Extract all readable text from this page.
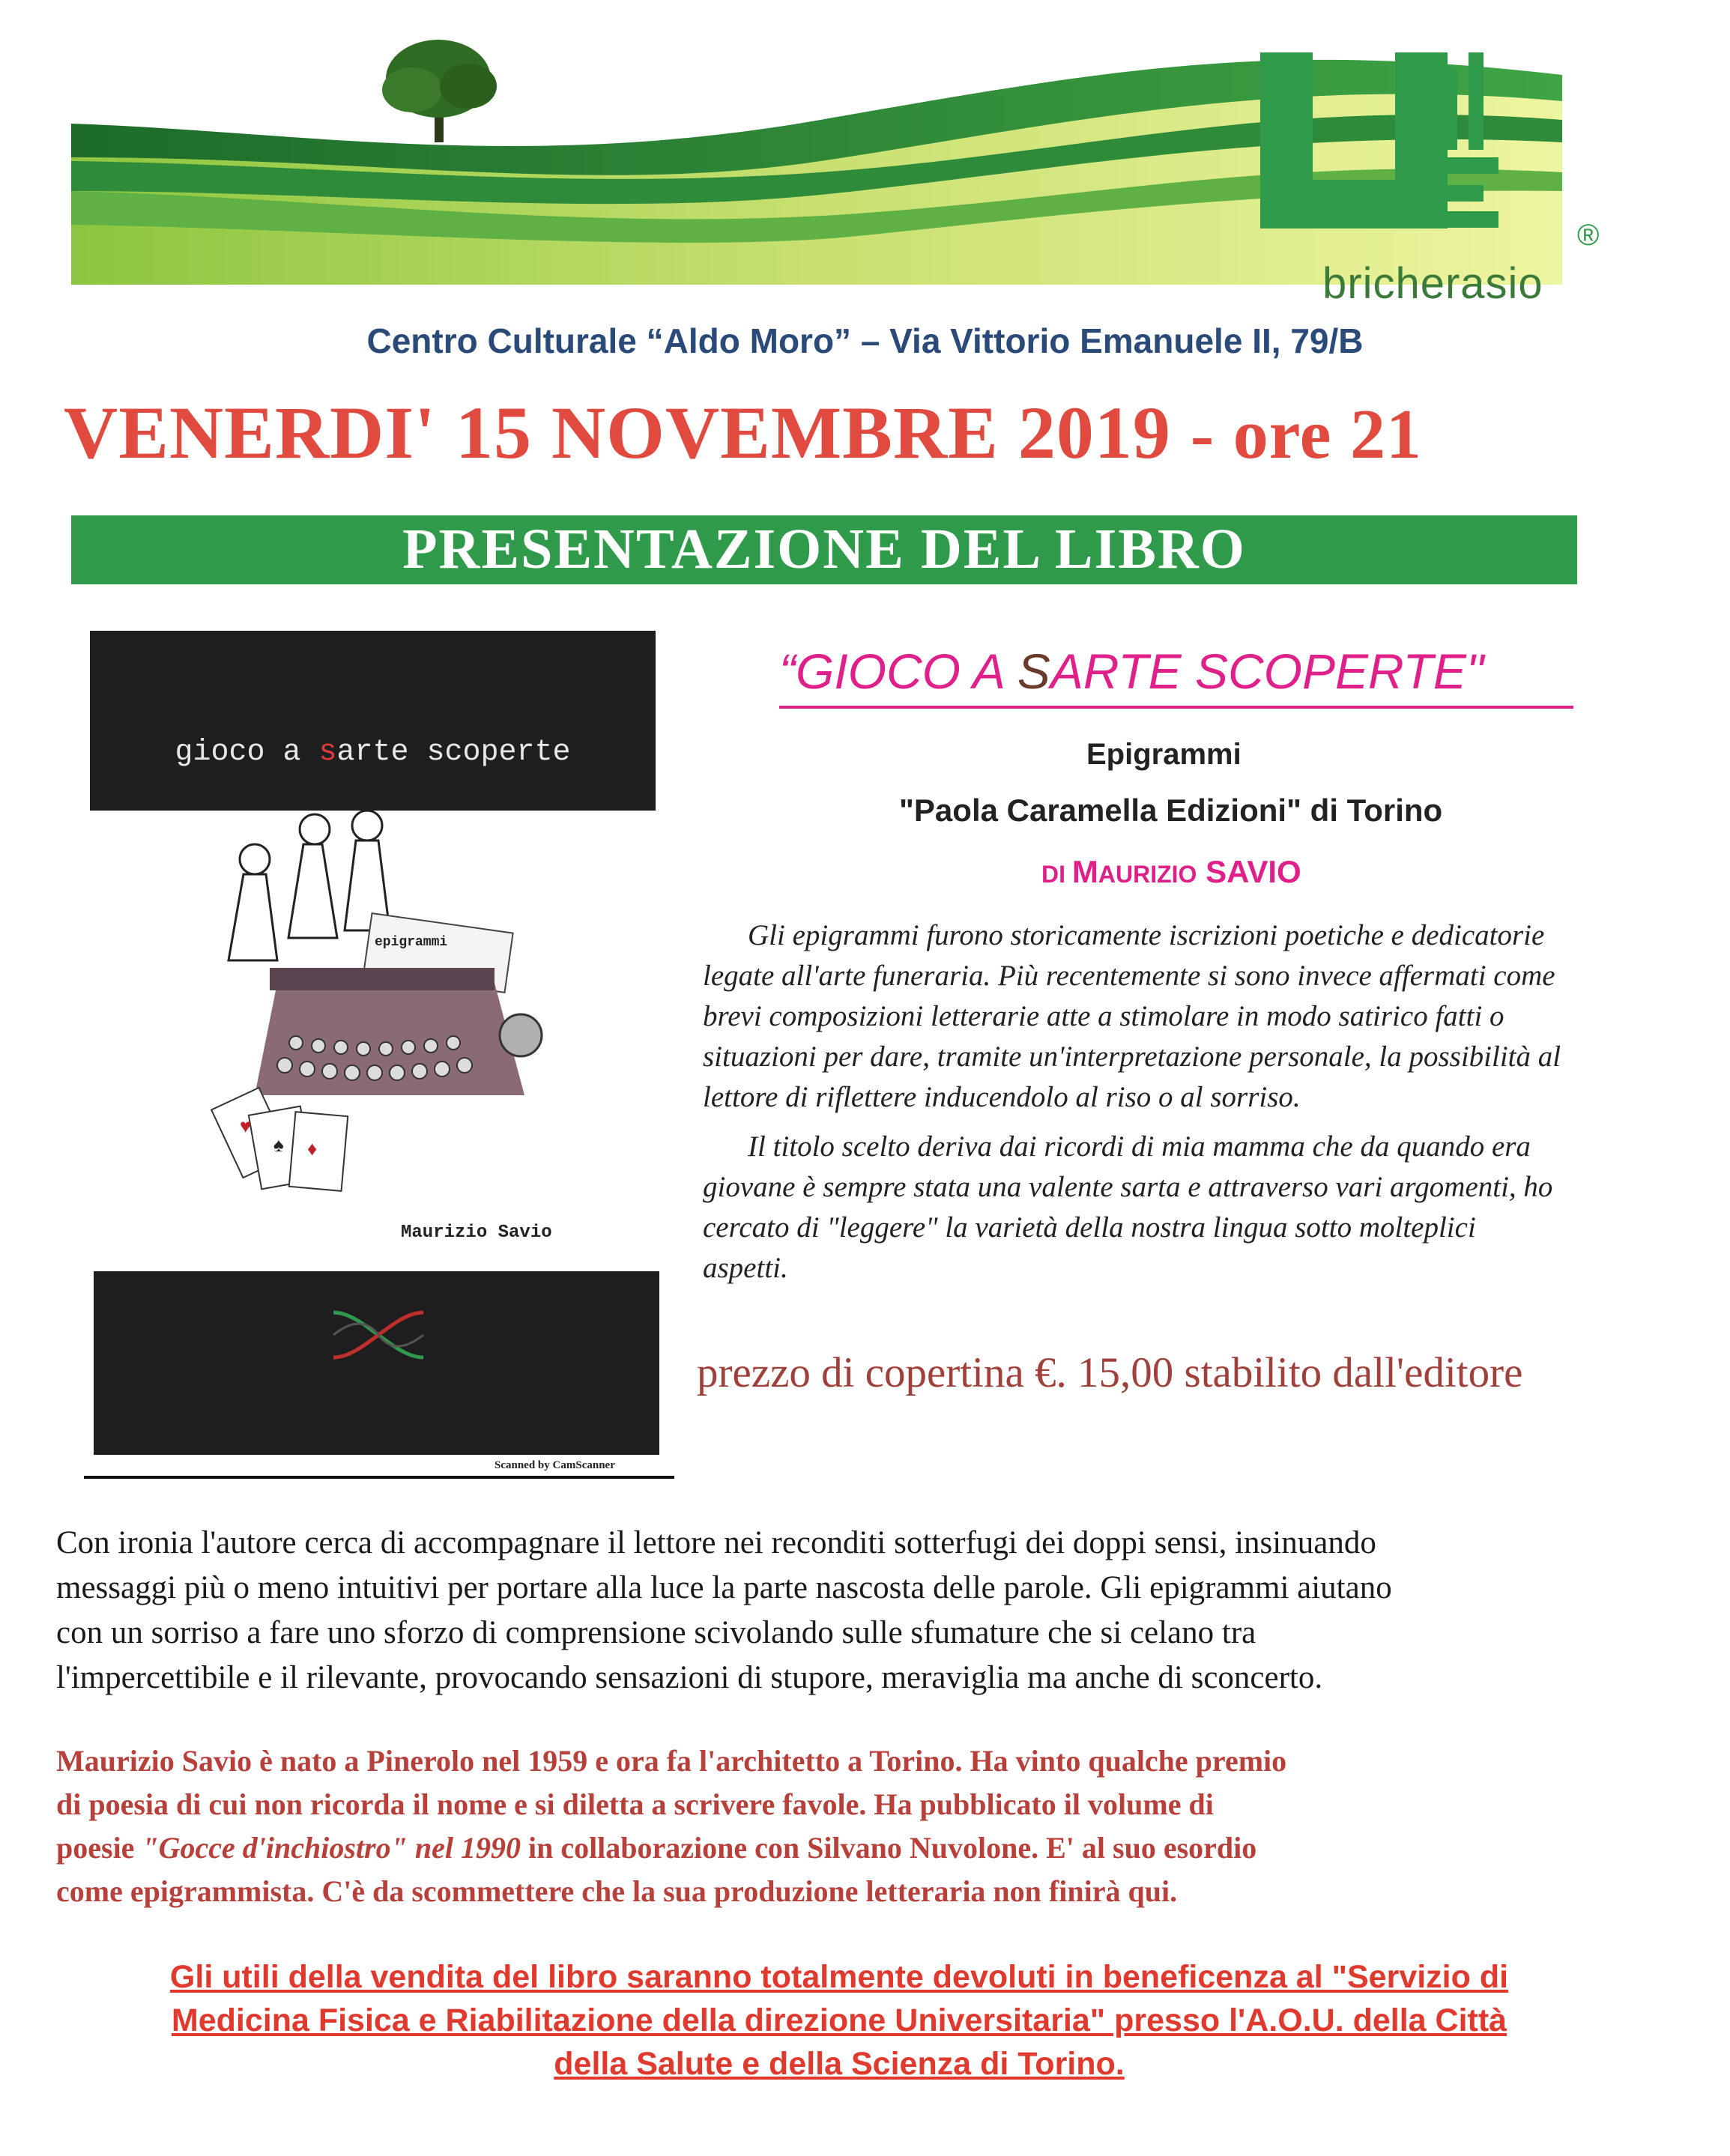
®
bricherasio
Centro Culturale “Aldo Moro” – Via Vittorio Emanuele II, 79/B
VENERDI' 15 NOVEMBRE 2019 - ore 21
PRESENTAZIONE DEL LIBRO
gioco a sarte scoperte
epigrammi
♥
♠ ♦
Maurizio Savio
Scanned by CamScanner
“GIOCO A SARTE SCOPERTE"
Epigrammi
"Paola Caramella Edizioni" di Torino
DI MAURIZIO SAVIO

Gli epigrammi furono storicamente iscrizioni poetiche e dedicatorie legate all'arte funeraria. Più recentemente si sono invece affermati come brevi composizioni letterarie atte a stimolare in modo satirico fatti o situazioni per dare, tramite un'interpretazione personale, la possibilità al lettore di riflettere inducendolo al riso o al sorriso.

Il titolo scelto deriva dai ricordi di mia mamma che da quando era giovane è sempre stata una valente sarta e attraverso vari argomenti, ho cercato di "leggere" la varietà della nostra lingua sotto molteplici aspetti.

prezzo di copertina €. 15,00 stabilito dall'editore
Con ironia l'autore cerca di accompagnare il lettore nei reconditi sotterfugi dei doppi sensi, insinuando
messaggi più o meno intuitivi per portare alla luce la parte nascosta delle parole. Gli epigrammi aiutano
con un sorriso a fare uno sforzo di comprensione scivolando sulle sfumature che si celano tra
l'impercettibile e il rilevante, provocando sensazioni di stupore, meraviglia ma anche di sconcerto.
Maurizio Savio è nato a Pinerolo nel 1959 e ora fa l'architetto a Torino. Ha vinto qualche premio
di poesia di cui non ricorda il nome e si diletta a scrivere favole. Ha pubblicato il volume di
poesie "Gocce d'inchiostro" nel 1990 in collaborazione con Silvano Nuvolone. E' al suo esordio
come epigrammista. C'è da scommettere che la sua produzione letteraria non finirà qui.
Gli utili della vendita del libro saranno totalmente devoluti in beneficenza al "Servizio di
Medicina Fisica e Riabilitazione della direzione Universitaria" presso l'A.O.U. della Città
della Salute e della Scienza di Torino.
